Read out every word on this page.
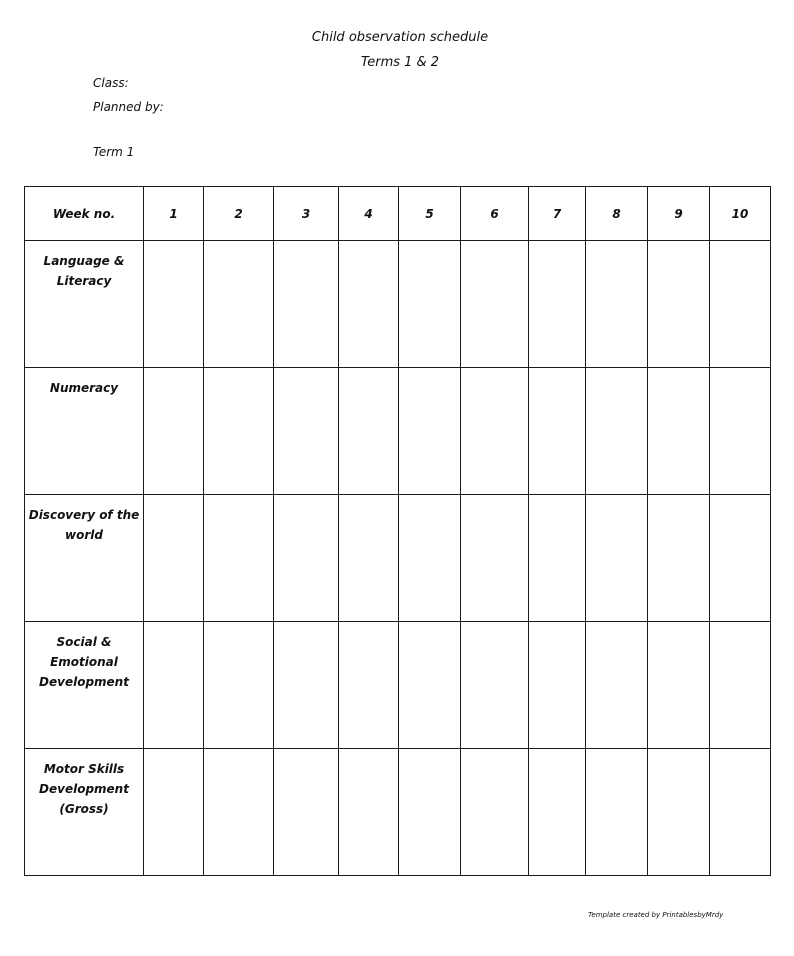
Child observation schedule
Terms 1 & 2
Class:
Planned by:
Term 1
Week no.	1	2	3	4	5	6	7	8	9	10
Language & Literacy										
Numeracy										
Discovery of the world										
Social & Emotional Development										
Motor Skills Development (Gross)										
Template created by PrintablesbyMrdy
